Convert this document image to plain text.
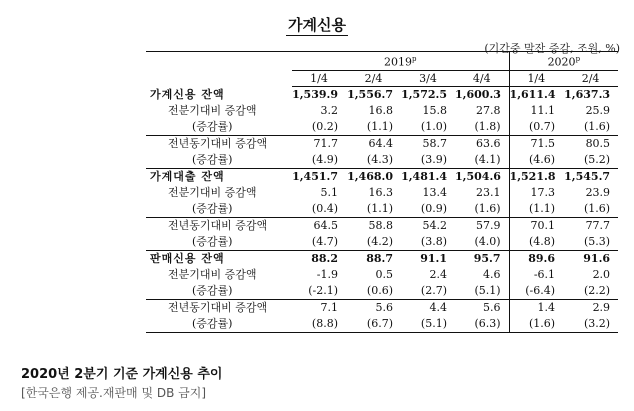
가계신용
(기간중 말잔 증감, 조원, %)
	2019$^p$				2020$^p$
	1/4	2/4	3/4	4/4	1/4	2/4
가계신용 잔액	1,539.9	1,556.7	1,572.5	1,600.3	1,611.4	1,637.3
전분기대비 증감액	3.2	16.8	15.8	27.8	11.1	25.9
(증감률)	(0.2)	(1.1)	(1.0)	(1.8)	(0.7)	(1.6)
전년동기대비 증감액	71.7	64.4	58.7	63.6	71.5	80.5
(증감률)	(4.9)	(4.3)	(3.9)	(4.1)	(4.6)	(5.2)
가계대출 잔액	1,451.7	1,468.0	1,481.4	1,504.6	1,521.8	1,545.7
전분기대비 증감액	5.1	16.3	13.4	23.1	17.3	23.9
(증감률)	(0.4)	(1.1)	(0.9)	(1.6)	(1.1)	(1.6)
전년동기대비 증감액	64.5	58.8	54.2	57.9	70.1	77.7
(증감률)	(4.7)	(4.2)	(3.8)	(4.0)	(4.8)	(5.3)
판매신용 잔액	88.2	88.7	91.1	95.7	89.6	91.6
전분기대비 증감액	-1.9	0.5	2.4	4.6	-6.1	2.0
(증감률)	(-2.1)	(0.6)	(2.7)	(5.1)	(-6.4)	(2.2)
전년동기대비 증감액	7.1	5.6	4.4	5.6	1.4	2.9
(증감률)	(8.8)	(6.7)	(5.1)	(6.3)	(1.6)	(3.2)
2020년 2분기 기준 가계신용 추이
[한국은행 제공.재판매 및 DB 금지]
